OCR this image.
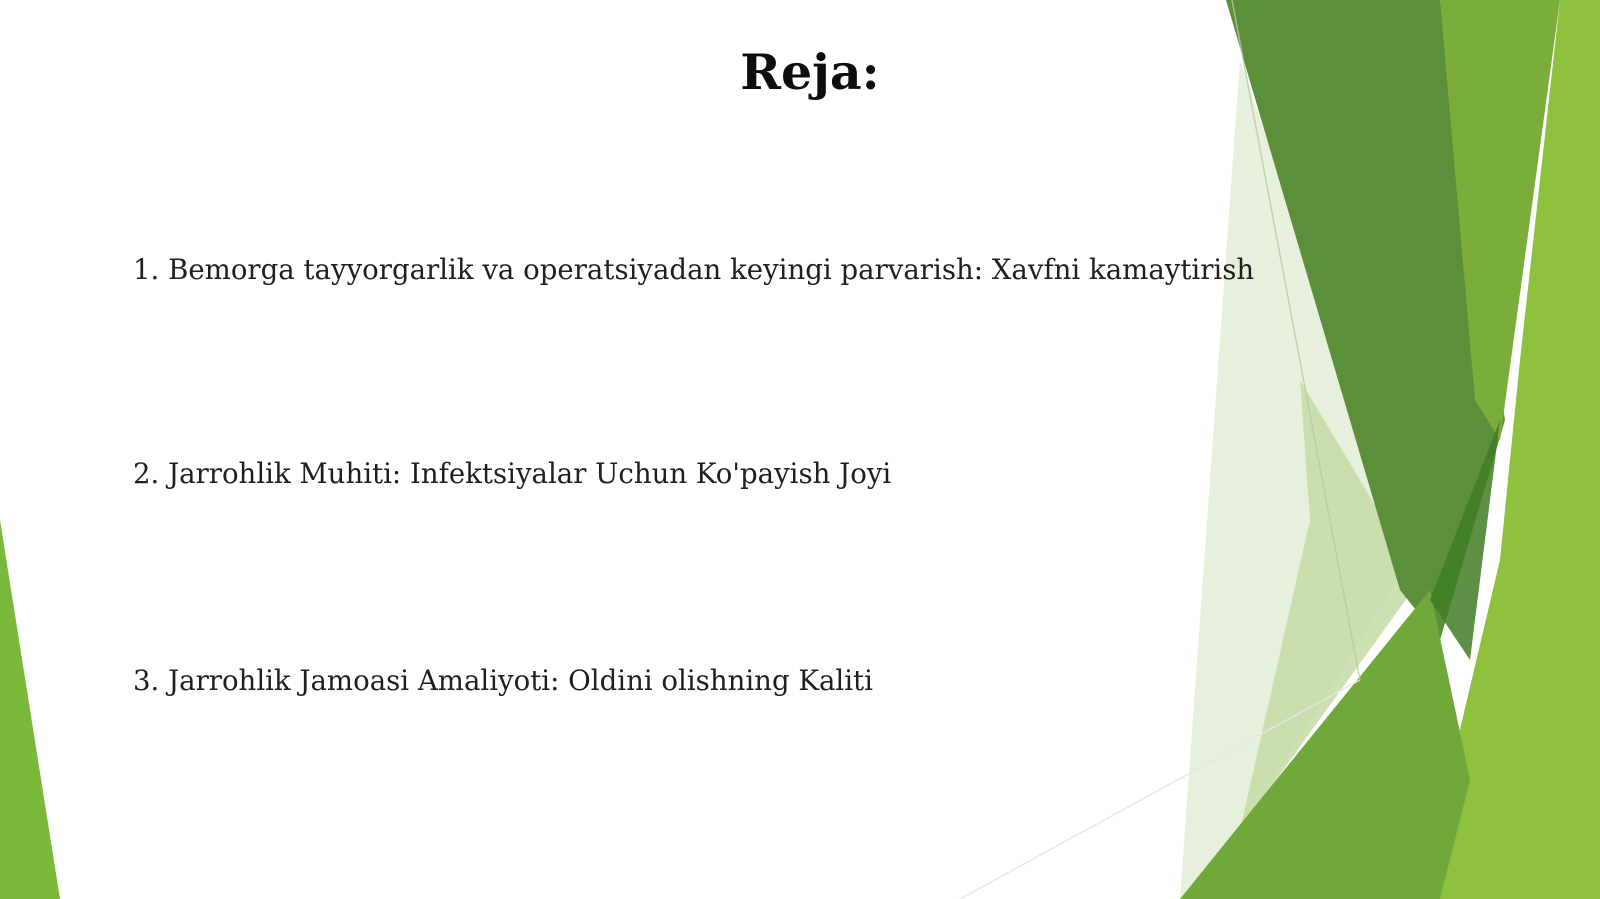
Reja:
1. Bemorga tayyorgarlik va operatsiyadan keyingi parvarish: Xavfni kamaytirish
2. Jarrohlik Muhiti: Infektsiyalar Uchun Ko'payish Joyi
3. Jarrohlik Jamoasi Amaliyoti: Oldini olishning Kaliti
